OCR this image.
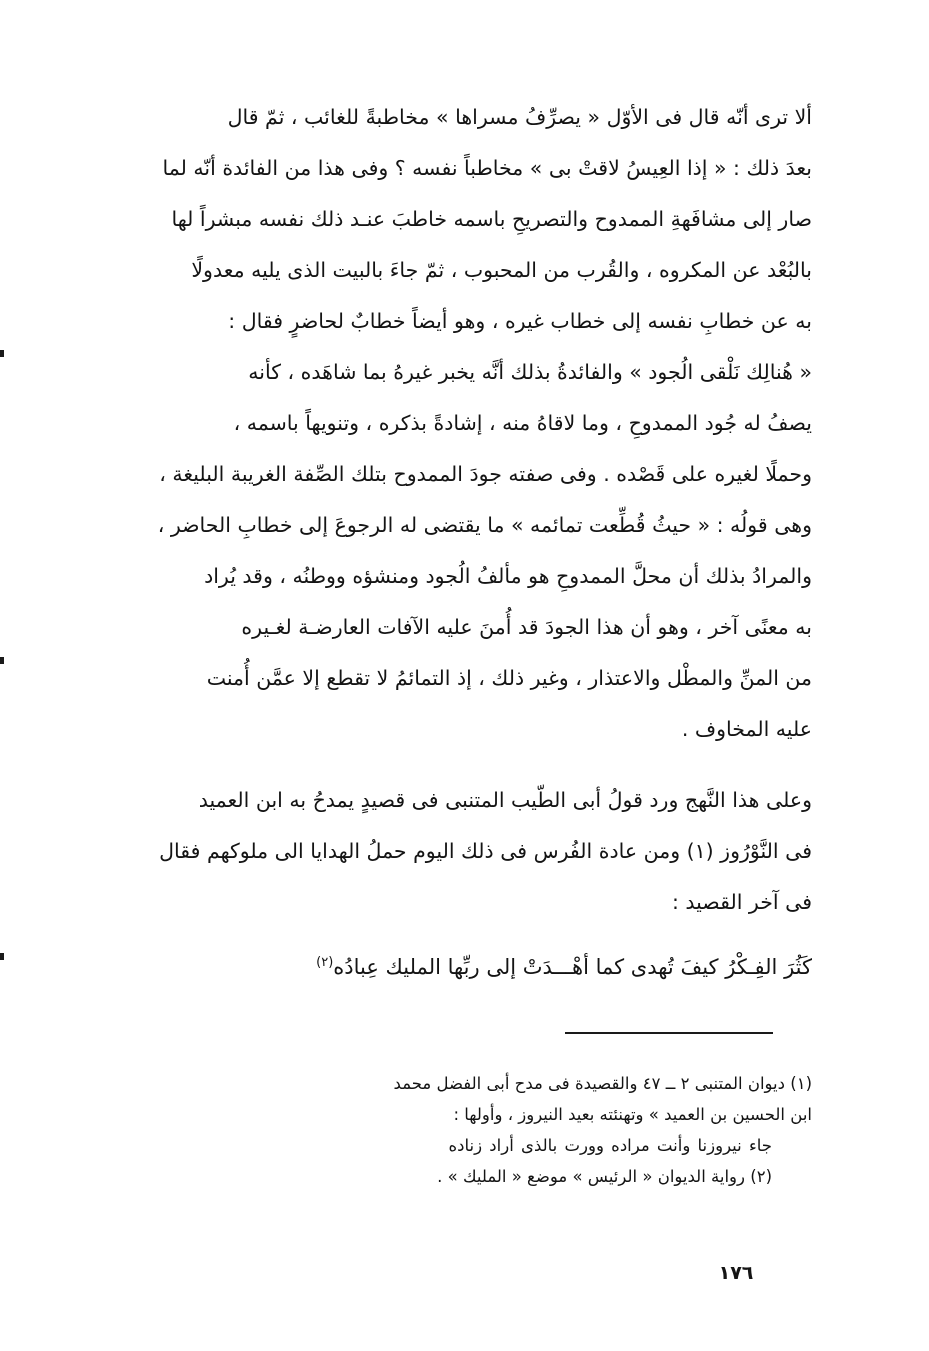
ألا ترى أنّه قال فى الأوّل « يصرِّفُ مسراها » مخاطبةً للغائب ، ثمّ قال
بعدَ ذلك : « إذا العِيسُ لاقتْ بى » مخاطباً نفسه ؟ وفى هذا من الفائدة أنّه لما
صار إلى مشافَهةِ الممدوح والتصريحِ باسمه خاطبَ عنـد ذلك نفسه مبشراً لها
بالبُعْد عن المكروه ، والقُرب من المحبوب ، ثمّ جاءَ بالبيت الذى يليه معدولًا
به عن خطابِ نفسه إلى خطاب غيره ، وهو أيضاً خطابٌ لحاضرٍ فقال :
« هُنالِك نَلْقى الُجود » والفائدةُ بذلك أنَّه يخبر غيرهُ بما شاهَده ، كأنه
يصفُ له جُود الممدوحِ ، وما لاقاهُ منه ، إشادةً بذكره ، وتنويهاً باسمه ،
وحملًا لغيره على قَصْده . وفى صفته جودَ الممدوح بتلك الصِّفة الغريبة البليغة ،
وهى قولُه : « حيثُ قُطِّعت تمائمه » ما يقتضى له الرجوعَ إلى خطابِ الحاضر ،
والمرادُ بذلك أن محلَّ الممدوحِ هو مألفُ الُجود ومنشؤه ووطنُه ، وقد يُراد
به معنًى آخر ، وهو أن هذا الجودَ قد أُمنَ عليه الآفات العارضـة لغـيره
من المنِّ والمطْل والاعتذار ، وغير ذلك ، إذ التمائمُ لا تقطع إلا عمَّن أُمنت
عليه المخاوف .
وعلى هذا النَّهج ورد قولُ أبى الطّيب المتنبى فى قصيدٍ يمدحُ به ابن العميد
فى النَّوْرُوز (١) ومن عادة الفُرس فى ذلك اليوم حملُ الهدايا الى ملوكهم فقال
فى آخر القصيد :
كَثُرَ الفِـكْرُ كيفَ تُهدى كما أهْـــدَتْ إلى ربِّها المليك عِبادُه$^{(٢)}$
(١) ديوان المتنبى ٢ ــ ٤٧ والقصيدة فى مدح أبى الفضل محمد
ابن الحسين بن العميد » وتهنئته بعيد النيروز ، وأولها :
جاء نيروزنا وأنت مراده وورت بالذى أراد زناده
(٢) رواية الديوان « الرئيس » موضع « المليك » .
١٧٦
